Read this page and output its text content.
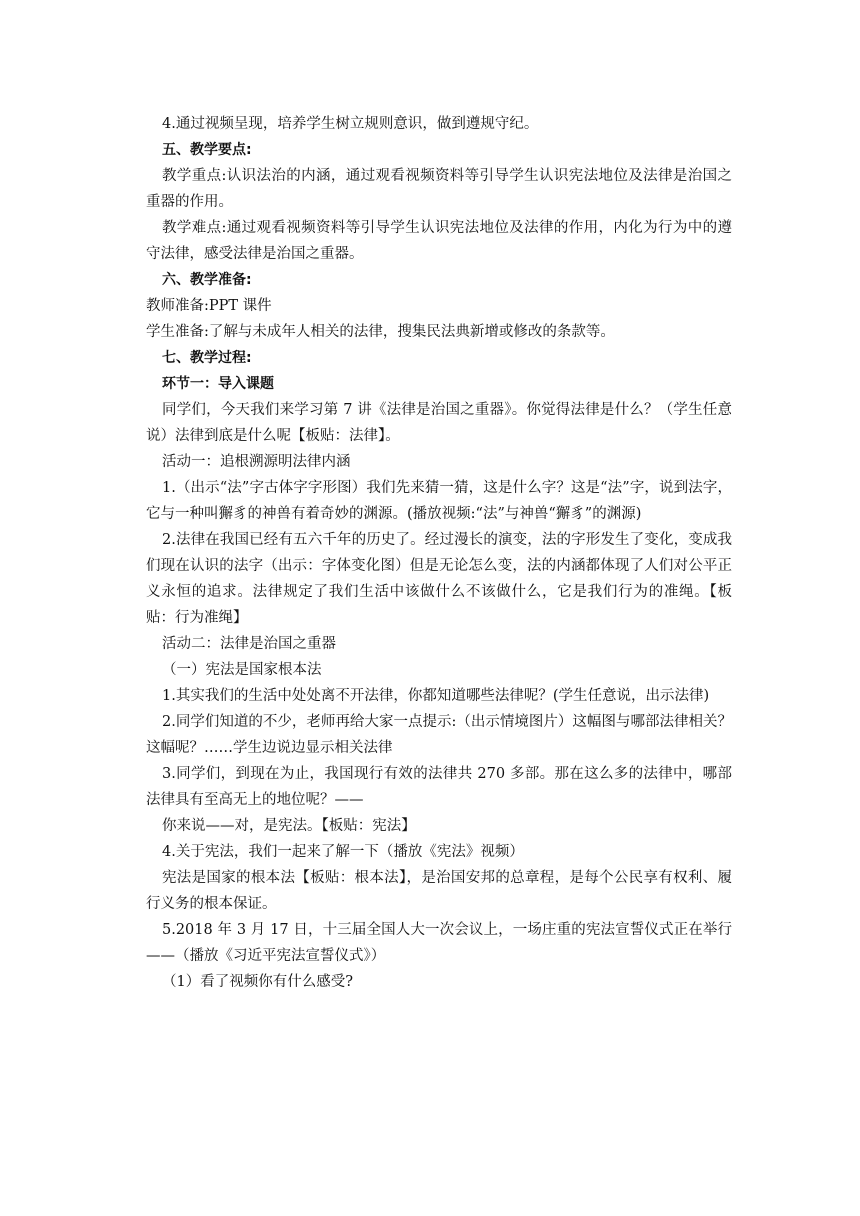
4.通过视频呈现，培养学生树立规则意识，做到遵规守纪。

五、教学要点:

教学重点:认识法治的内涵，通过观看视频资料等引导学生认识宪法地位及法律是治国之重器的作用。

教学难点:通过观看视频资料等引导学生认识宪法地位及法律的作用，内化为行为中的遵守法律，感受法律是治国之重器。

六、教学准备:

教师准备:PPT 课件

学生准备:了解与未成年人相关的法律，搜集民法典新增或修改的条款等。

七、教学过程:

环节一：导入课题

同学们，今天我们来学习第 7 讲《法律是治国之重器》。你觉得法律是什么？（学生任意说）法律到底是什么呢【板贴：法律】。

活动一：追根溯源明法律内涵

1.（出示“法”字古体字字形图）我们先来猜一猜，这是什么字？这是“法”字，说到法字，它与一种叫獬豸的神兽有着奇妙的渊源。(播放视频:“法”与神兽“獬豸”的渊源)

2.法律在我国已经有五六千年的历史了。经过漫长的演变，法的字形发生了变化，变成我们现在认识的法字（出示：字体变化图）但是无论怎么变，法的内涵都体现了人们对公平正义永恒的追求。法律规定了我们生活中该做什么不该做什么，它是我们行为的准绳。【板贴：行为准绳】

活动二：法律是治国之重器

（一）宪法是国家根本法

1.其实我们的生活中处处离不开法律，你都知道哪些法律呢？(学生任意说，出示法律)

2.同学们知道的不少，老师再给大家一点提示:（出示情境图片）这幅图与哪部法律相关？这幅呢？……学生边说边显示相关法律

3.同学们，到现在为止，我国现行有效的法律共 270 多部。那在这么多的法律中，哪部法律具有至高无上的地位呢？——

你来说——对，是宪法。【板贴：宪法】

4.关于宪法，我们一起来了解一下（播放《宪法》视频）

宪法是国家的根本法【板贴：根本法】，是治国安邦的总章程，是每个公民享有权利、履行义务的根本保证。

5.2018 年 3 月 17 日，十三届全国人大一次会议上，一场庄重的宪法宣誓仪式正在举行——（播放《习近平宪法宣誓仪式》）

（1）看了视频你有什么感受?
